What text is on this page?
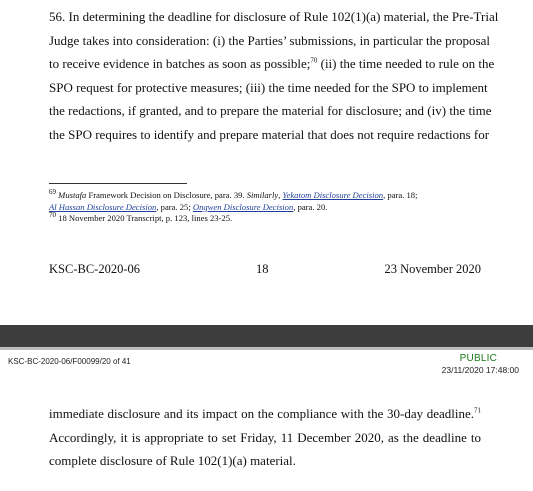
56. In determining the deadline for disclosure of Rule 102(1)(a) material, the Pre-Trial
Judge takes into consideration: (i) the Parties’ submissions, in particular the proposal
to receive evidence in batches as soon as possible;$^{70}$ (ii) the time needed to rule on the
SPO request for protective measures; (iii) the time needed for the SPO to implement
the redactions, if granted, and to prepare the material for disclosure; and (iv) the time
the SPO requires to identify and prepare material that does not require redactions for

$^{69}$ Mustafa Framework Decision on Disclosure, para. 39. Similarly, Yekatom Disclosure Decision, para. 18;
Al Hassan Disclosure Decision, para. 25; Ongwen Disclosure Decision, para. 20.
$^{70}$ 18 November 2020 Transcript, p. 123, lines 23-25.
KSC-BC-2020-06	18	23 November 2020
KSC-BC-2020-06/F00099/20 of 41	PUBLIC
23/11/2020 17:48:00

immediate disclosure and its impact on the compliance with the 30-day deadline.$^{71}$
Accordingly, it is appropriate to set Friday, 11 December 2020, as the deadline to
complete disclosure of Rule 102(1)(a) material.
